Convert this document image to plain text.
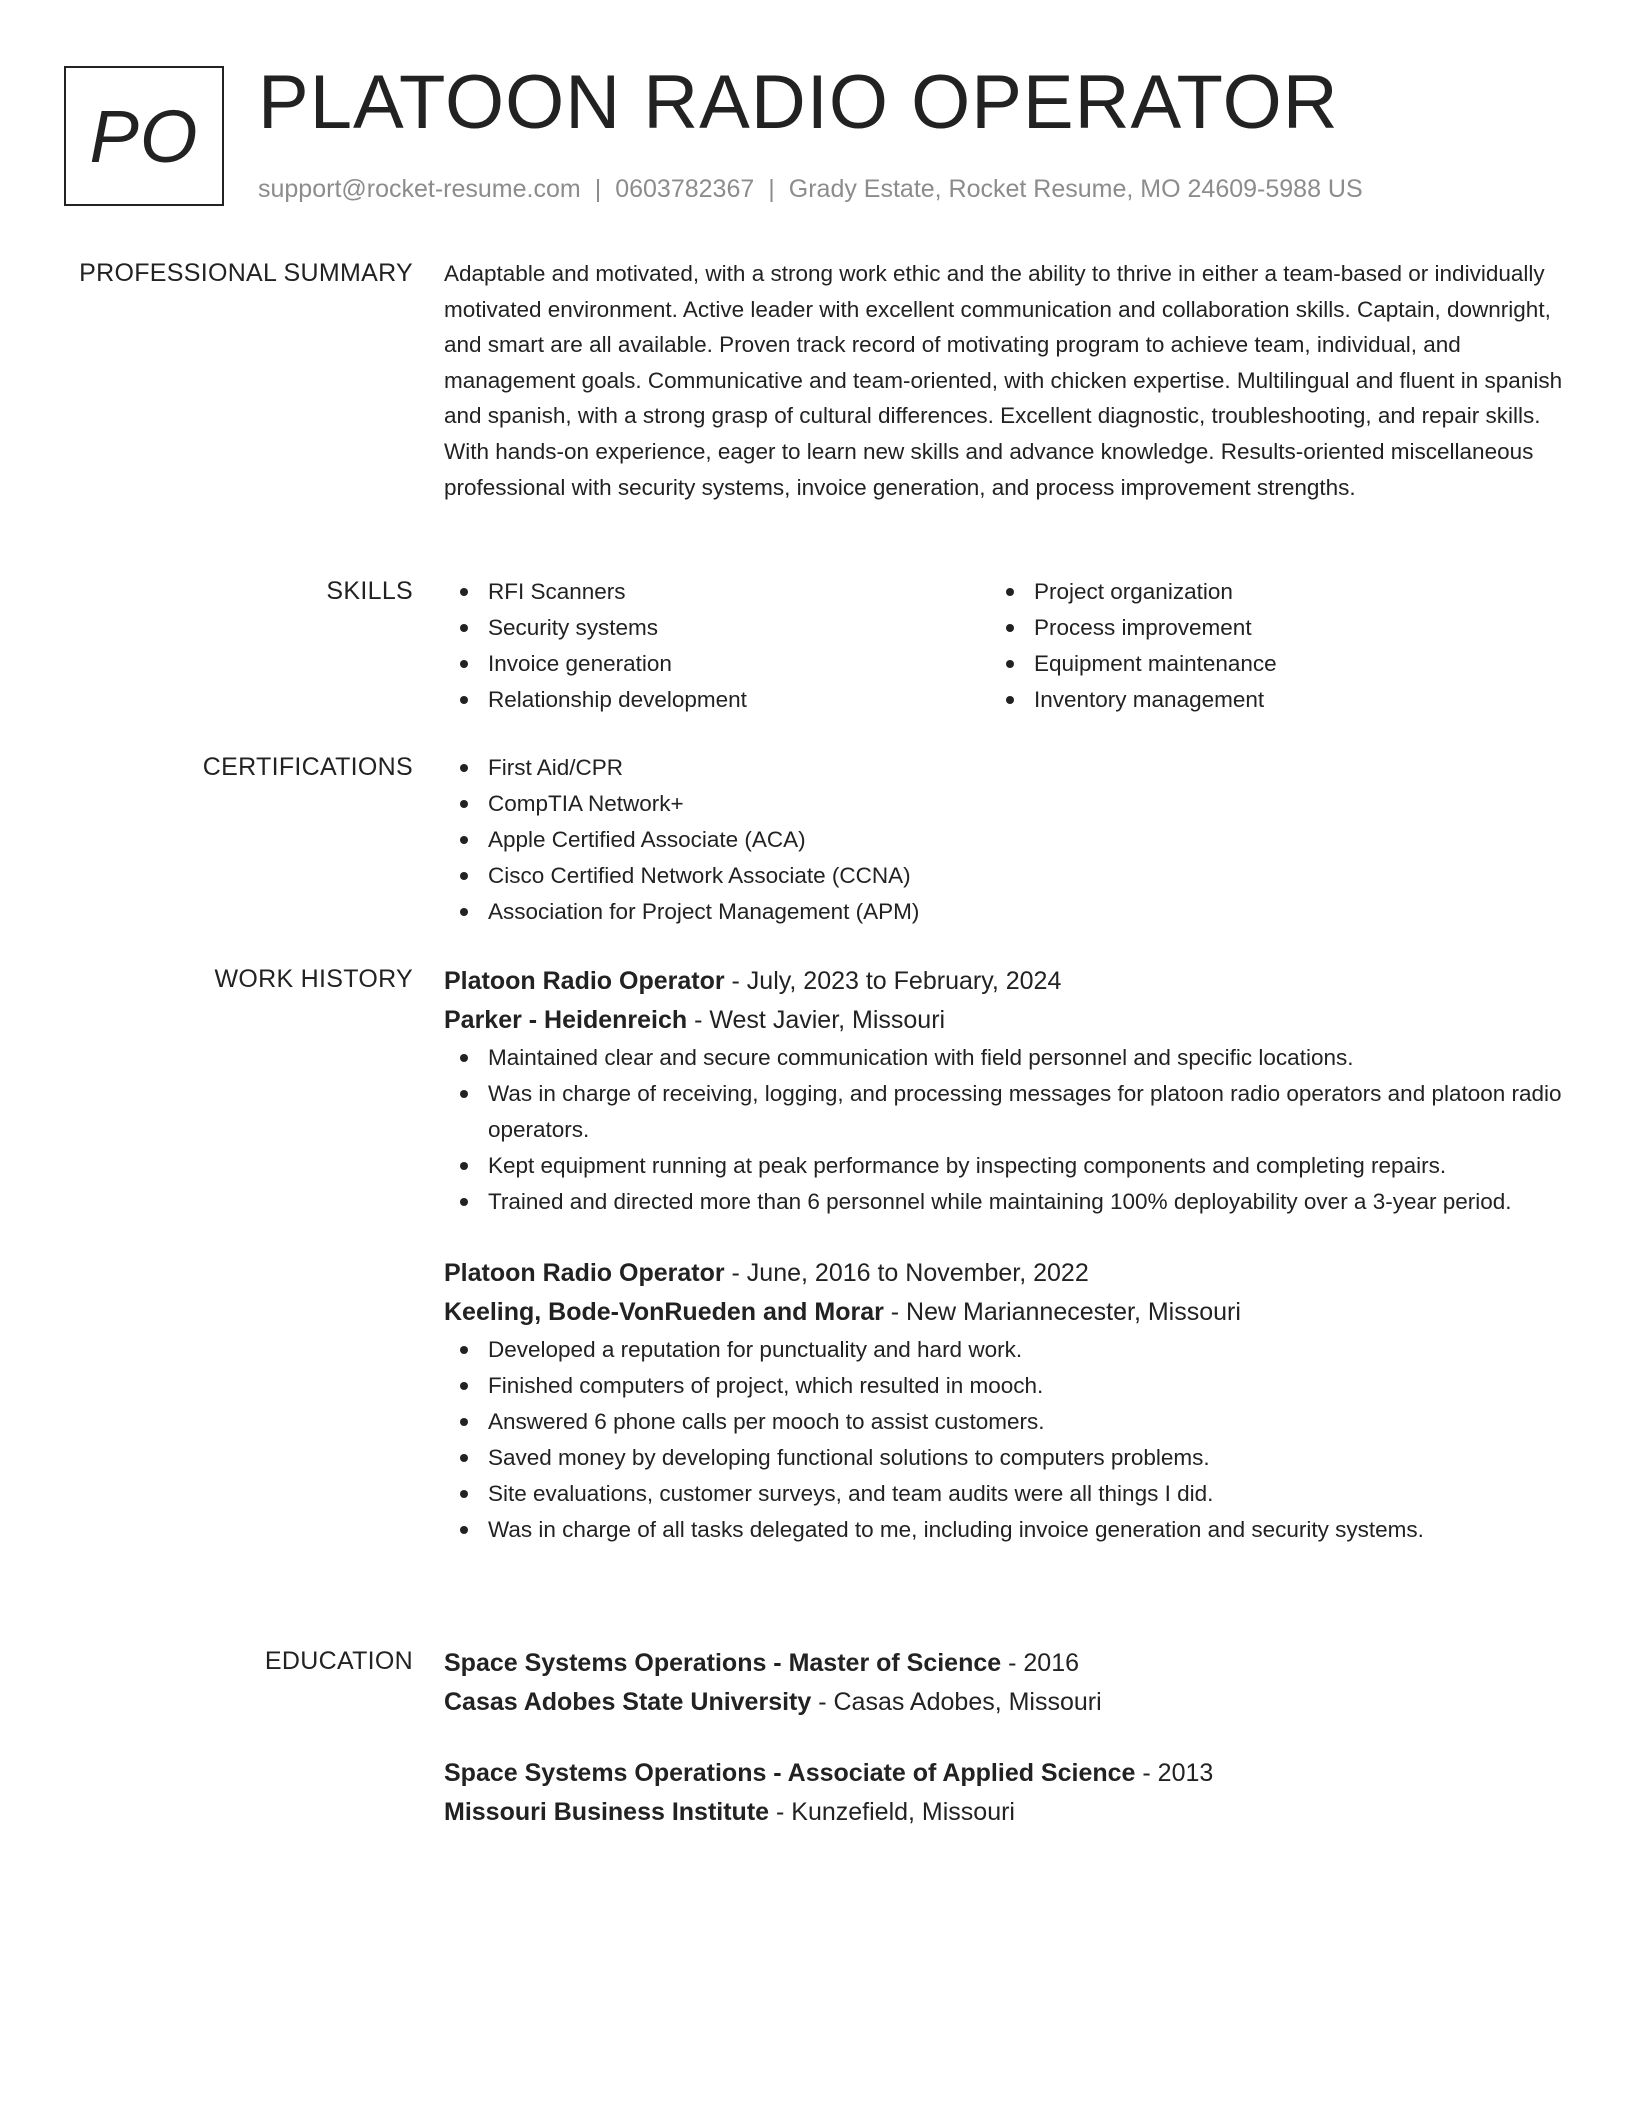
PO PLATOON RADIO OPERATOR
support@rocket-resume.com | 0603782367 | Grady Estate, Rocket Resume, MO 24609-5988 US
PROFESSIONAL SUMMARY Adaptable and motivated, with a strong work ethic and the ability to thrive in either a team-based or individually motivated environment. Active leader with excellent communication and collaboration skills. Captain, downright, and smart are all available. Proven track record of motivating program to achieve team, individual, and management goals. Communicative and team-oriented, with chicken expertise. Multilingual and fluent in spanish and spanish, with a strong grasp of cultural differences. Excellent diagnostic, troubleshooting, and repair skills. With hands-on experience, eager to learn new skills and advance knowledge. Results-oriented miscellaneous professional with security systems, invoice generation, and process improvement strengths.

SKILLS	RFI Scanners
Security systems
Invoice generation
Relationship development
Project organization
Process improvement
Equipment maintenance
Inventory management
CERTIFICATIONS	First Aid/CPR
CompTIA Network+
Apple Certified Associate (ACA)
Cisco Certified Network Associate (CCNA)
Association for Project Management (APM)
WORK HISTORY Platoon Radio Operator - July, 2023 to February, 2024
Parker - Heidenreich - West Javier, Missouri
Maintained clear and secure communication with field personnel and specific locations.
Was in charge of receiving, logging, and processing messages for platoon radio operators and platoon radio operators.
Kept equipment running at peak performance by inspecting components and completing repairs.
Trained and directed more than 6 personnel while maintaining 100% deployability over a 3-year period.
Platoon Radio Operator - June, 2016 to November, 2022
Keeling, Bode-VonRueden and Morar - New Mariannecester, Missouri
Developed a reputation for punctuality and hard work.
Finished computers of project, which resulted in mooch.
Answered 6 phone calls per mooch to assist customers.
Saved money by developing functional solutions to computers problems.
Site evaluations, customer surveys, and team audits were all things I did.
Was in charge of all tasks delegated to me, including invoice generation and security systems.
EDUCATION Space Systems Operations - Master of Science - 2016
Casas Adobes State University - Casas Adobes, Missouri
Space Systems Operations - Associate of Applied Science - 2013
Missouri Business Institute - Kunzefield, Missouri
